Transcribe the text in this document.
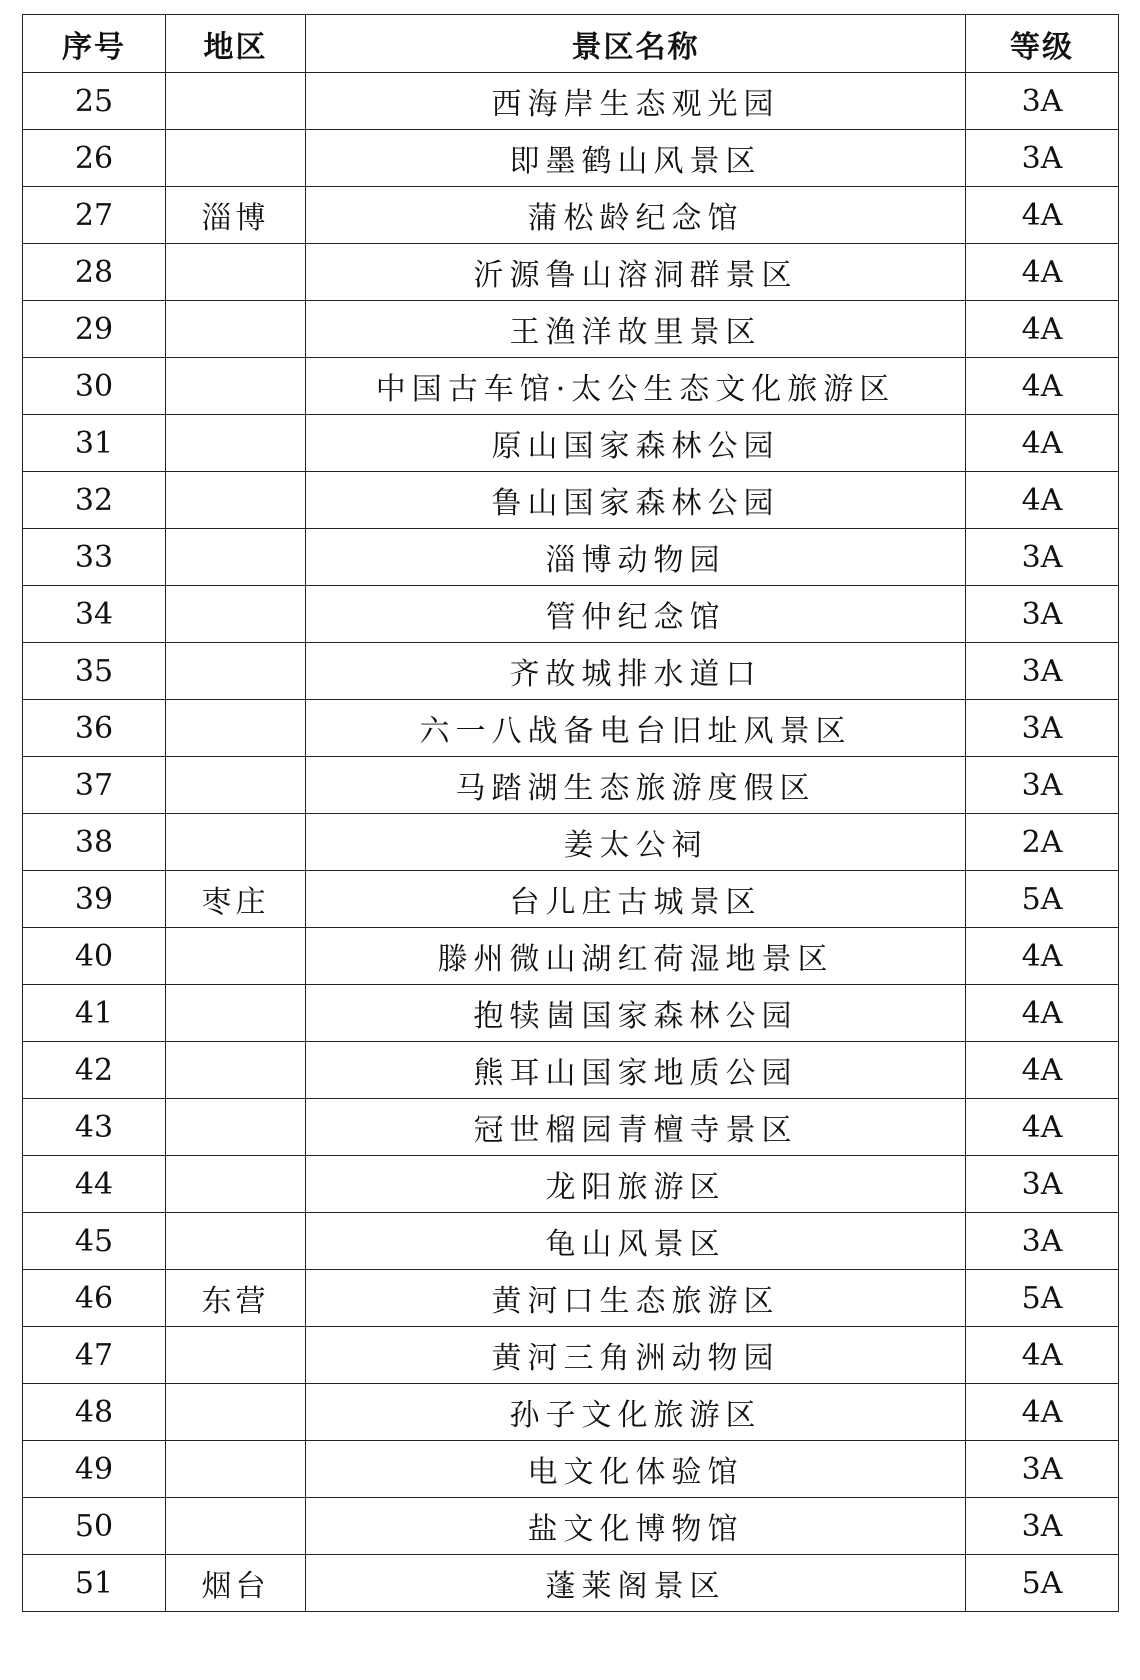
序号	地区	景区名称	等级
25		西海岸生态观光园	3A
26		即墨鹤山风景区	3A
27	淄博	蒲松龄纪念馆	4A
28		沂源鲁山溶洞群景区	4A
29		王渔洋故里景区	4A
30		中国古车馆·太公生态文化旅游区	4A
31		原山国家森林公园	4A
32		鲁山国家森林公园	4A
33		淄博动物园	3A
34		管仲纪念馆	3A
35		齐故城排水道口	3A
36		六一八战备电台旧址风景区	3A
37		马踏湖生态旅游度假区	3A
38		姜太公祠	2A
39	枣庄	台儿庄古城景区	5A
40		滕州微山湖红荷湿地景区	4A
41		抱犊崮国家森林公园	4A
42		熊耳山国家地质公园	4A
43		冠世榴园青檀寺景区	4A
44		龙阳旅游区	3A
45		龟山风景区	3A
46	东营	黄河口生态旅游区	5A
47		黄河三角洲动物园	4A
48		孙子文化旅游区	4A
49		电文化体验馆	3A
50		盐文化博物馆	3A
51	烟台	蓬莱阁景区	5A
